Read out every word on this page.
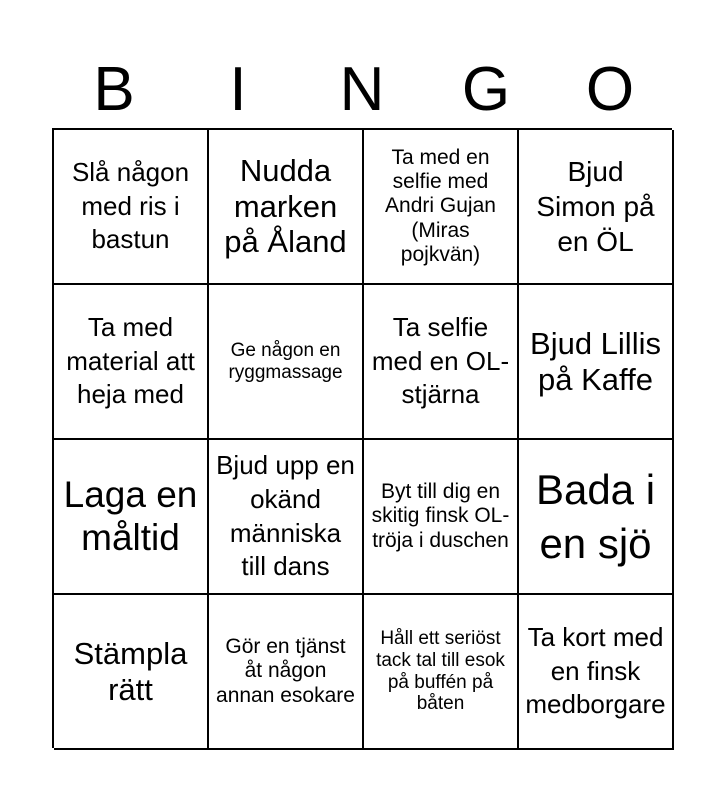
B	I	N	G	O
Slå någon med ris i bastun
Nudda marken på Åland
Ta med en selfie med Andri Gujan (Miras pojkvän)
Bjud Simon på en ÖL
Ta med material att heja med
Ge någon en ryggmassage
Ta selfie med en OL-stjärna
Bjud Lillis på Kaffe
Laga en måltid
Bjud upp en okänd människa till dans
Byt till dig en skitig finsk OL-tröja i duschen
Bada i en sjö
Stämpla rätt
Gör en tjänst åt någon annan esokare
Håll ett seriöst tack tal till esok på buffén på båten
Ta kort med en finsk medborgare
